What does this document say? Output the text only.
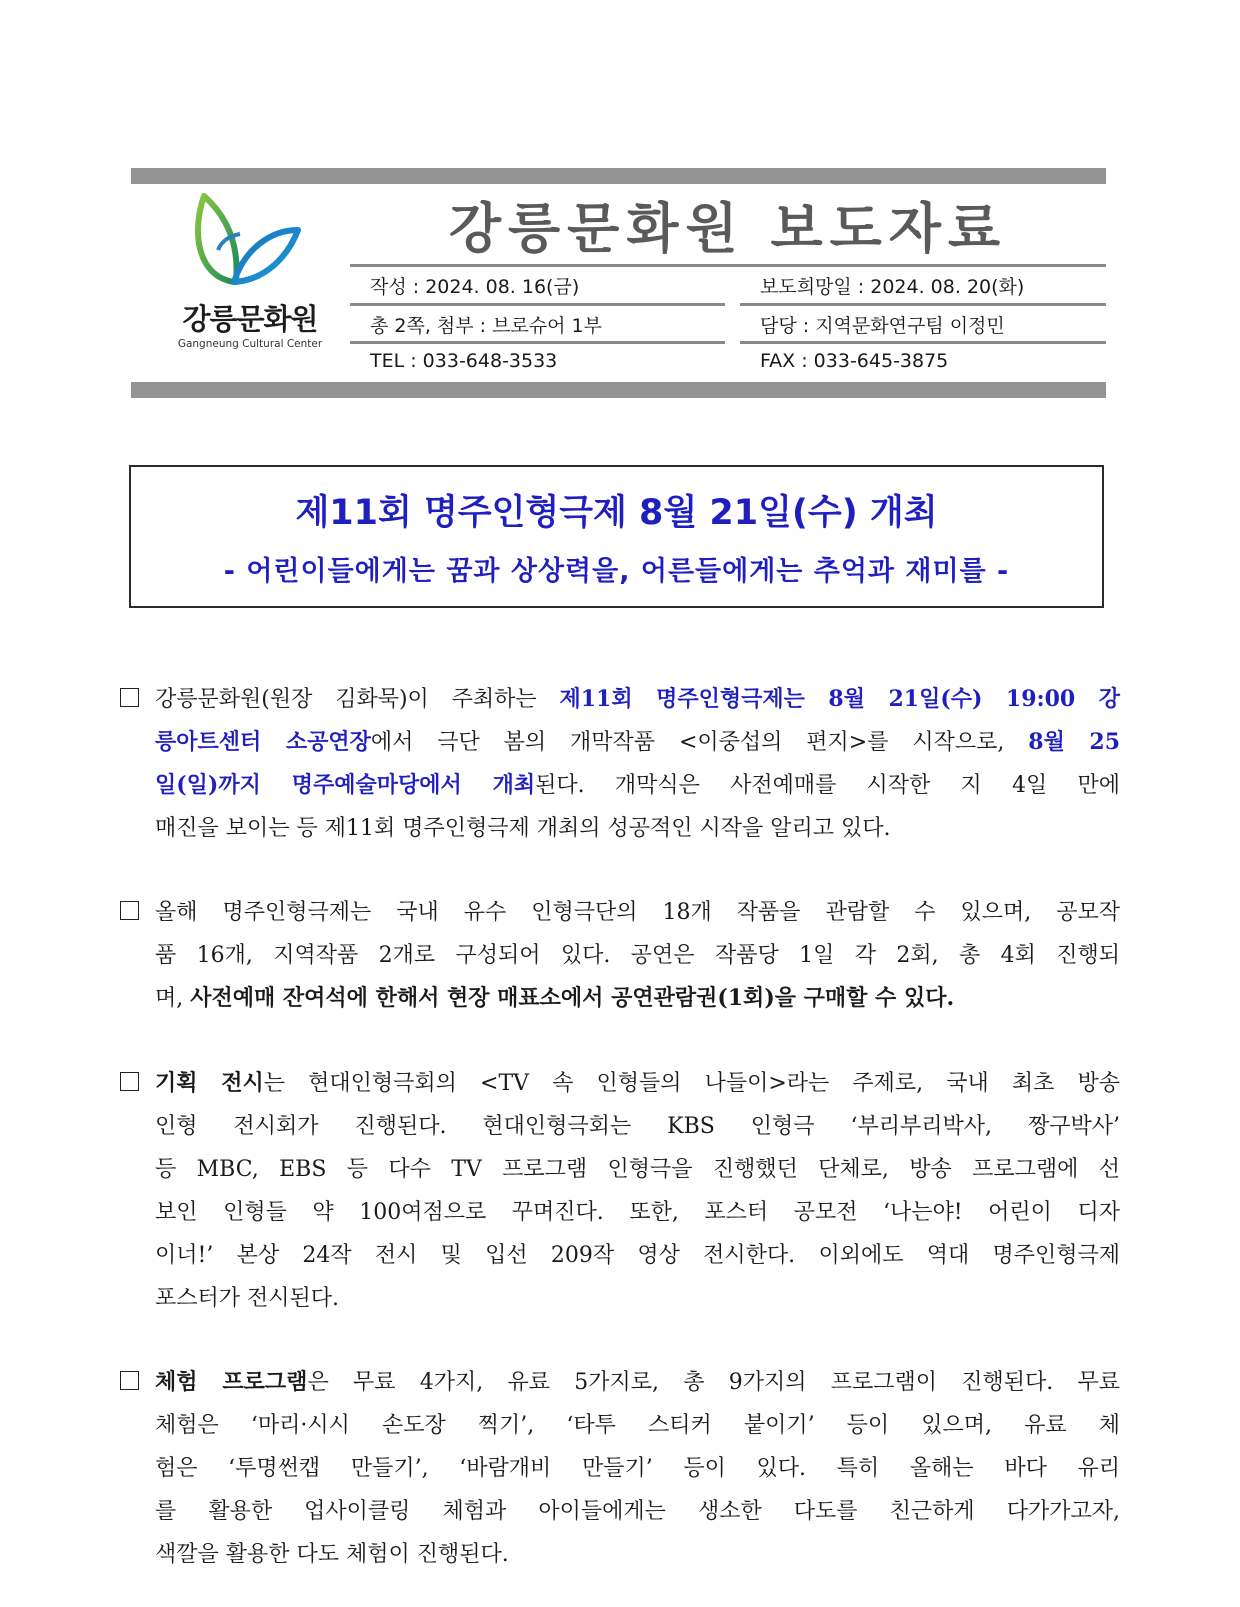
강릉문화원
Gangneung Cultural Center
강릉문화원 보도자료
작성 : 2024. 08. 16(금)	보도희망일 : 2024. 08. 20(화)
총 2쪽, 첨부 : 브로슈어 1부	담당 : 지역문화연구팀 이정민
TEL : 033-648-3533	FAX : 033-645-3875
제11회 명주인형극제 8월 21일(수) 개최
- 어린이들에게는 꿈과 상상력을, 어른들에게는 추억과 재미를 -
강릉문화원(원장 김화묵)이 주최하는 제11회 명주인형극제는 8월 21일(수) 19:00 강
릉아트센터 소공연장에서 극단 봄의 개막작품 <이중섭의 편지>를 시작으로, 8월 25
일(일)까지 명주예술마당에서 개최된다. 개막식은 사전예매를 시작한 지 4일 만에
매진을 보이는 등 제11회 명주인형극제 개최의 성공적인 시작을 알리고 있다.
올해 명주인형극제는 국내 유수 인형극단의 18개 작품을 관람할 수 있으며, 공모작
품 16개, 지역작품 2개로 구성되어 있다. 공연은 작품당 1일 각 2회, 총 4회 진행되
며, 사전예매 잔여석에 한해서 현장 매표소에서 공연관람권(1회)을 구매할 수 있다.
기획 전시는 현대인형극회의 <TV 속 인형들의 나들이>라는 주제로, 국내 최초 방송
인형 전시회가 진행된다. 현대인형극회는 KBS 인형극 ‘부리부리박사, 짱구박사’
등 MBC, EBS 등 다수 TV 프로그램 인형극을 진행했던 단체로, 방송 프로그램에 선
보인 인형들 약 100여점으로 꾸며진다. 또한, 포스터 공모전 ‘나는야! 어린이 디자
이너!’ 본상 24작 전시 및 입선 209작 영상 전시한다. 이외에도 역대 명주인형극제
포스터가 전시된다.
체험 프로그램은 무료 4가지, 유료 5가지로, 총 9가지의 프로그램이 진행된다. 무료
체험은 ‘마리·시시 손도장 찍기’, ‘타투 스티커 붙이기’ 등이 있으며, 유료 체
험은 ‘투명썬캡 만들기’, ‘바람개비 만들기’ 등이 있다. 특히 올해는 바다 유리
를 활용한 업사이클링 체험과 아이들에게는 생소한 다도를 친근하게 다가가고자,
색깔을 활용한 다도 체험이 진행된다.
